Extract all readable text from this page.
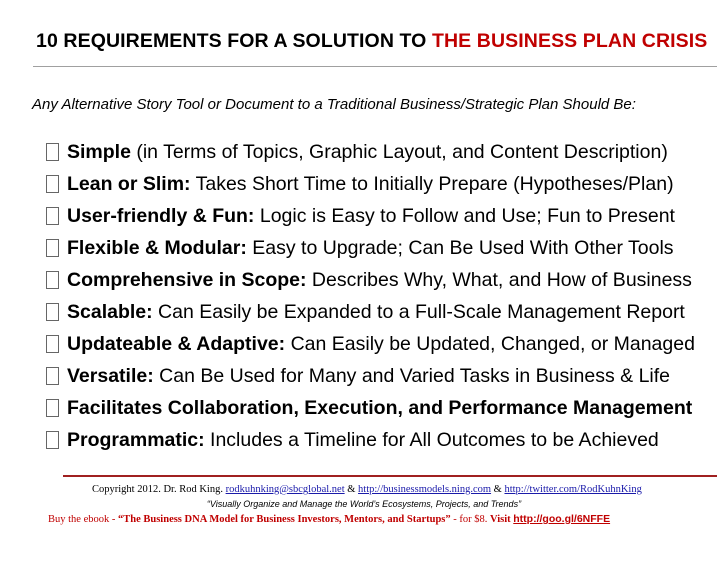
10 REQUIREMENTS FOR A SOLUTION TO THE BUSINESS PLAN CRISIS
Any Alternative Story Tool or Document to a Traditional Business/Strategic Plan Should Be:
Simple (in Terms of Topics, Graphic Layout, and Content Description)
Lean or Slim: Takes Short Time to Initially Prepare (Hypotheses/Plan)
User-friendly & Fun: Logic is Easy to Follow and Use; Fun to Present
Flexible & Modular: Easy to Upgrade; Can Be Used With Other Tools
Comprehensive in Scope: Describes Why, What, and How of Business
Scalable: Can Easily be Expanded to a Full-Scale Management Report
Updateable & Adaptive: Can Easily be Updated, Changed, or Managed
Versatile: Can Be Used for Many and Varied Tasks in Business & Life
Facilitates Collaboration, Execution, and Performance Management
Programmatic: Includes a Timeline for All Outcomes to be Achieved
Copyright 2012. Dr. Rod King. rodkuhnking@sbcglobal.net & http://businessmodels.ning.com & http://twitter.com/RodKuhnKing
“Visually Organize and Manage the World’s Ecosystems, Projects, and Trends”
Buy the ebook - “The Business DNA Model for Business Investors, Mentors, and Startups” - for $8. Visit http://goo.gl/6NFFE
